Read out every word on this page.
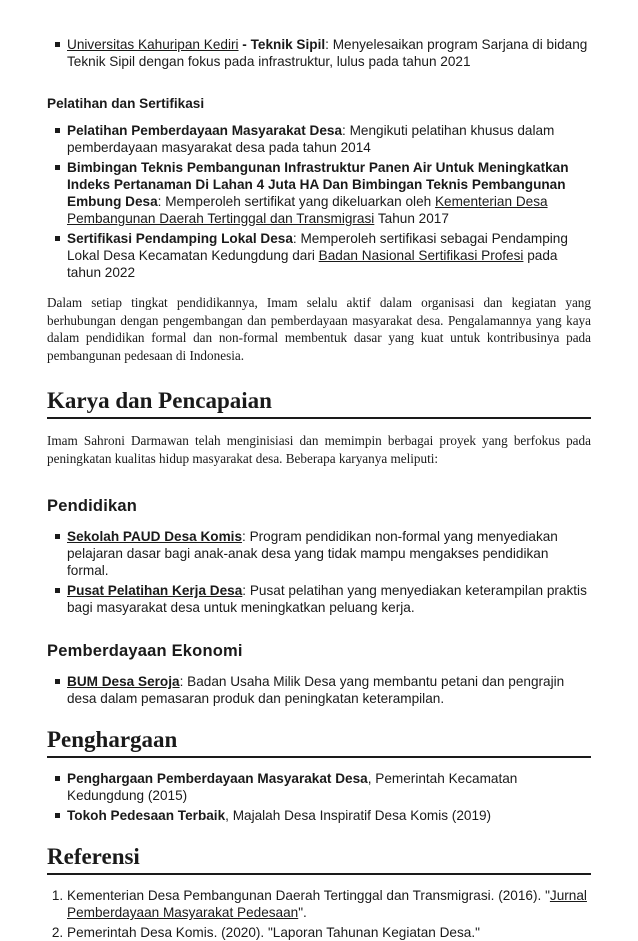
Universitas Kahuripan Kediri - Teknik Sipil: Menyelesaikan program Sarjana di bidang Teknik Sipil dengan fokus pada infrastruktur, lulus pada tahun 2021
Pelatihan dan Sertifikasi
Pelatihan Pemberdayaan Masyarakat Desa: Mengikuti pelatihan khusus dalam pemberdayaan masyarakat desa pada tahun 2014
Bimbingan Teknis Pembangunan Infrastruktur Panen Air Untuk Meningkatkan Indeks Pertanaman Di Lahan 4 Juta HA Dan Bimbingan Teknis Pembangunan Embung Desa: Memperoleh sertifikat yang dikeluarkan oleh Kementerian Desa Pembangunan Daerah Tertinggal dan Transmigrasi Tahun 2017
Sertifikasi Pendamping Lokal Desa: Memperoleh sertifikasi sebagai Pendamping Lokal Desa Kecamatan Kedungdung dari Badan Nasional Sertifikasi Profesi pada tahun 2022

Dalam setiap tingkat pendidikannya, Imam selalu aktif dalam organisasi dan kegiatan yang berhubungan dengan pengembangan dan pemberdayaan masyarakat desa. Pengalamannya yang kaya dalam pendidikan formal dan non-formal membentuk dasar yang kuat untuk kontribusinya pada pembangunan pedesaan di Indonesia.

Karya dan Pencapaian

Imam Sahroni Darmawan telah menginisiasi dan memimpin berbagai proyek yang berfokus pada peningkatan kualitas hidup masyarakat desa. Beberapa karyanya meliputi:

Pendidikan
Sekolah PAUD Desa Komis: Program pendidikan non-formal yang menyediakan pelajaran dasar bagi anak-anak desa yang tidak mampu mengakses pendidikan formal.
Pusat Pelatihan Kerja Desa: Pusat pelatihan yang menyediakan keterampilan praktis bagi masyarakat desa untuk meningkatkan peluang kerja.
Pemberdayaan Ekonomi
BUM Desa Seroja: Badan Usaha Milik Desa yang membantu petani dan pengrajin desa dalam pemasaran produk dan peningkatan keterampilan.
Penghargaan
Penghargaan Pemberdayaan Masyarakat Desa, Pemerintah Kecamatan Kedungdung (2015)
Tokoh Pedesaan Terbaik, Majalah Desa Inspiratif Desa Komis (2019)
Referensi
1. Kementerian Desa Pembangunan Daerah Tertinggal dan Transmigrasi. (2016). "Jurnal Pemberdayaan Masyarakat Pedesaan".
2. Pemerintah Desa Komis. (2020). "Laporan Tahunan Kegiatan Desa."
